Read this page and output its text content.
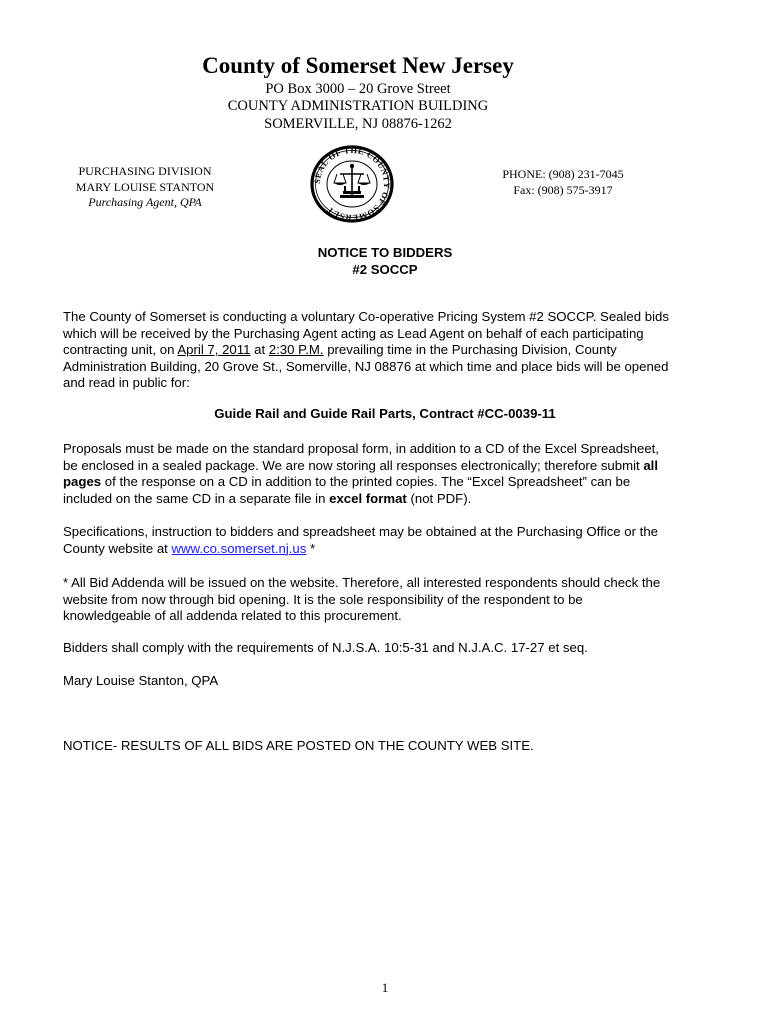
County of Somerset New Jersey
PO Box 3000 – 20 Grove Street
COUNTY ADMINISTRATION BUILDING
SOMERVILLE, NJ 08876-1262
PURCHASING DIVISION
MARY LOUISE STANTON
Purchasing Agent, QPA
SEAL OF THE COUNTY OF SOMERSET
PHONE: (908) 231-7045
Fax: (908) 575-3917
NOTICE TO BIDDERS
#2 SOCCP
The County of Somerset is conducting a voluntary Co-operative Pricing System #2 SOCCP. Sealed bids
which will be received by the Purchasing Agent acting as Lead Agent on behalf of each participating
contracting unit, on April 7, 2011 at 2:30 P.M. prevailing time in the Purchasing Division, County
Administration Building, 20 Grove St., Somerville, NJ 08876 at which time and place bids will be opened
and read in public for:
Guide Rail and Guide Rail Parts, Contract #CC-0039-11
Proposals must be made on the standard proposal form, in addition to a CD of the Excel Spreadsheet,
be enclosed in a sealed package. We are now storing all responses electronically; therefore submit all
pages of the response on a CD in addition to the printed copies. The “Excel Spreadsheet” can be
included on the same CD in a separate file in excel format (not PDF).
Specifications, instruction to bidders and spreadsheet may be obtained at the Purchasing Office or the
County website at www.co.somerset.nj.us *
* All Bid Addenda will be issued on the website. Therefore, all interested respondents should check the
website from now through bid opening. It is the sole responsibility of the respondent to be
knowledgeable of all addenda related to this procurement.
Bidders shall comply with the requirements of N.J.S.A. 10:5-31 and N.J.A.C. 17-27 et seq.
Mary Louise Stanton, QPA
NOTICE- RESULTS OF ALL BIDS ARE POSTED ON THE COUNTY WEB SITE.
1
